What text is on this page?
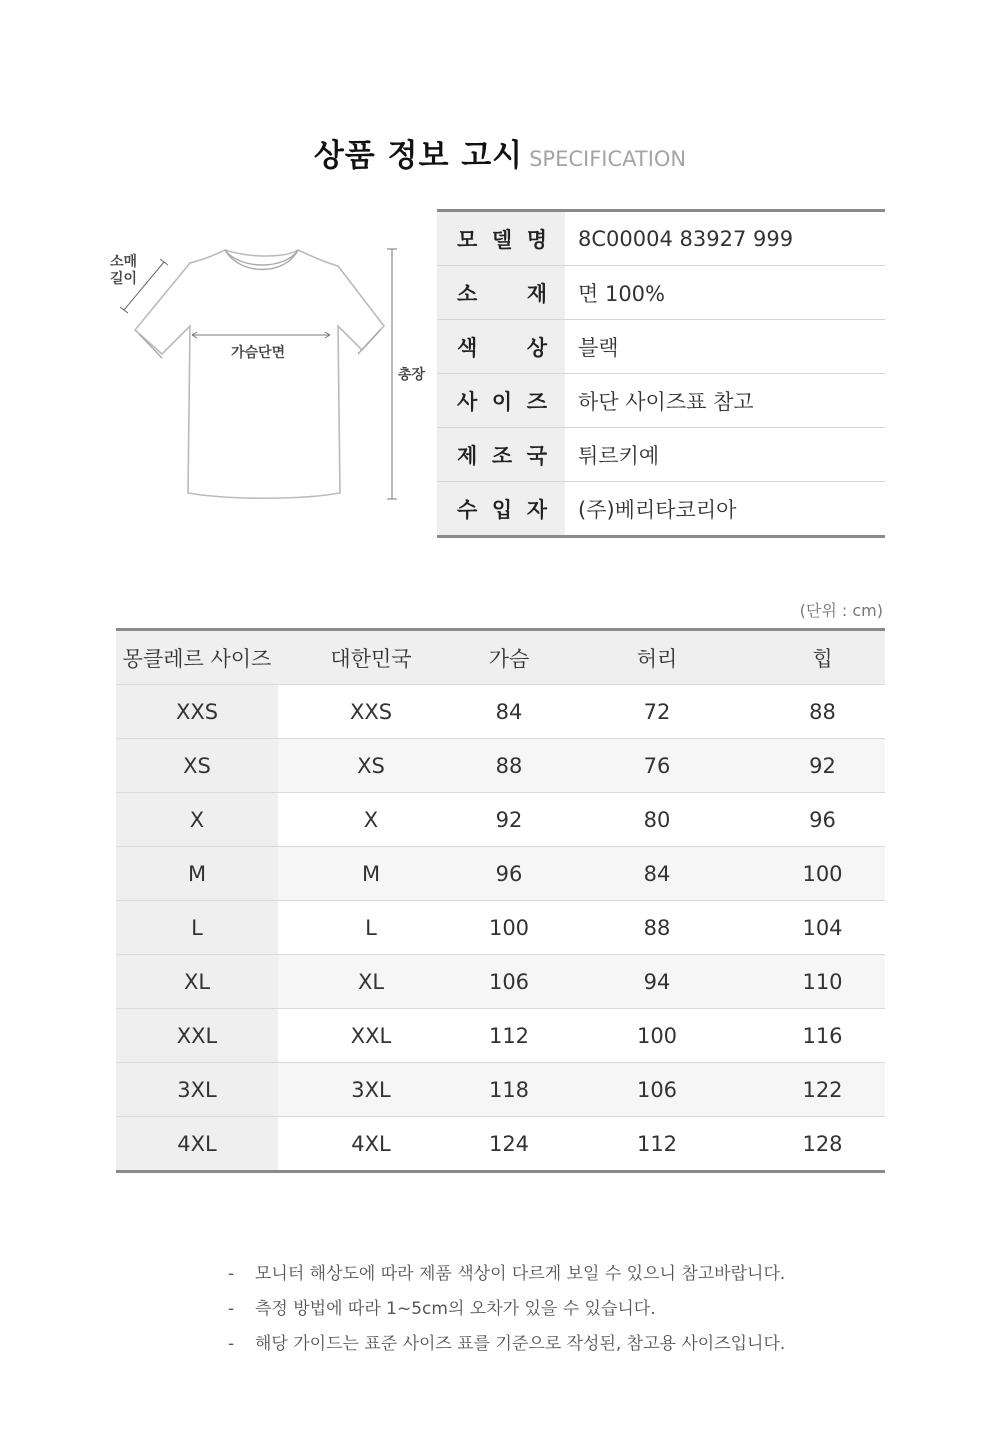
상품 정보 고시 SPECIFICATION
소매
길이
가슴단면
총장
모 델 명	8C00004 83927 999

소 재	면 100%

색 상	블랙

사 이 즈	하단 사이즈표 참고

제 조 국	튀르키예

수 입 자	(주)베리타코리아
(단위 : cm)
몽클레르 사이즈	대한민국	가슴	허리	힙
XXS	XXS	84	72	88
XS	XS	88	76	92
X	X	92	80	96
M	M	96	84	100
L	L	100	88	104
XL	XL	106	94	110
XXL	XXL	112	100	116
3XL	3XL	118	106	122
4XL	4XL	124	112	128
-	모니터 해상도에 따라 제품 색상이 다르게 보일 수 있으니 참고바랍니다.
-	측정 방법에 따라 1~5cm의 오차가 있을 수 있습니다.
-	해당 가이드는 표준 사이즈 표를 기준으로 작성된, 참고용 사이즈입니다.
